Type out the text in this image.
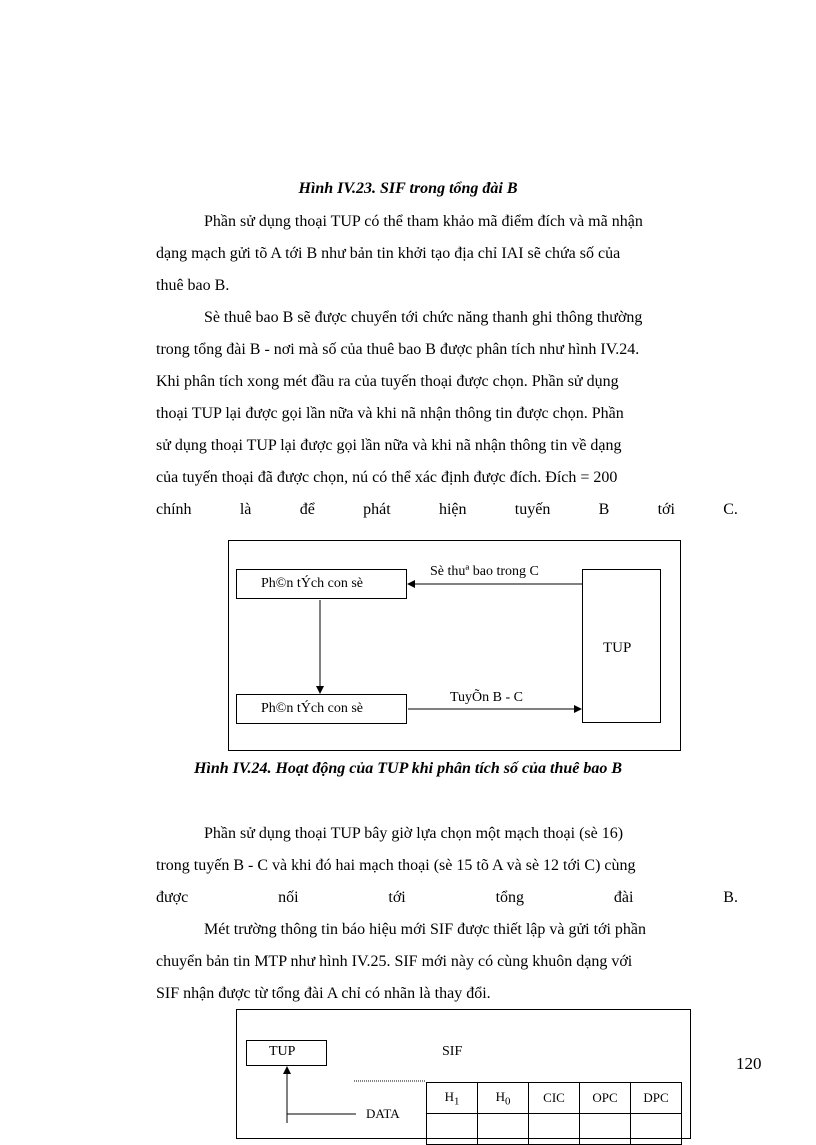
Hình IV.23. SIF trong tổng đài B
Phần sử dụng thoại TUP có thể tham khảo mã điểm đích và mã nhận
dạng mạch gửi tõ A tới B như bản tin khởi tạo địa chỉ IAI sẽ chứa số của
thuê bao B.
Sè thuê bao B sẽ được chuyển tới chức năng thanh ghi thông thường
trong tổng đài B - nơi mà số của thuê bao B được phân tích như hình IV.24.
Khi phân tích xong mét đầu ra của tuyến thoại được chọn. Phần sử dụng
thoại TUP lại được gọi lần nữa và khi nã nhận thông tin được chọn. Phần
sử dụng thoại TUP lại được gọi lần nữa và khi nã nhận thông tin về dạng
của tuyến thoại đã được chọn, nú có thể xác định được đích. Đích = 200
chính	là	để	phát	hiện	tuyến	B	tới	C.
Ph©n tÝch con sè
Ph©n tÝch con sè
TUP
Sè thuª bao trong C
TuyÕn B - C
Hình IV.24. Hoạt động của TUP khi phân tích số của thuê bao B
Phần sử dụng thoại TUP bây giờ lựa chọn một mạch thoại (sè 16)
trong tuyến B - C và khi đó hai mạch thoại (sè 15 tõ A và sè 12 tới C) cùng
được	nối	tới	tổng	đài	B.
Mét trường thông tin báo hiệu mới SIF được thiết lập và gửi tới phần
chuyển bản tin MTP như hình IV.25. SIF mới này có cùng khuôn dạng với
SIF nhận được từ tổng đài A chỉ có nhãn là thay đổi.
TUP	SIF
DATA
$H_1$	$H_0$	CIC	OPC	DPC

120
